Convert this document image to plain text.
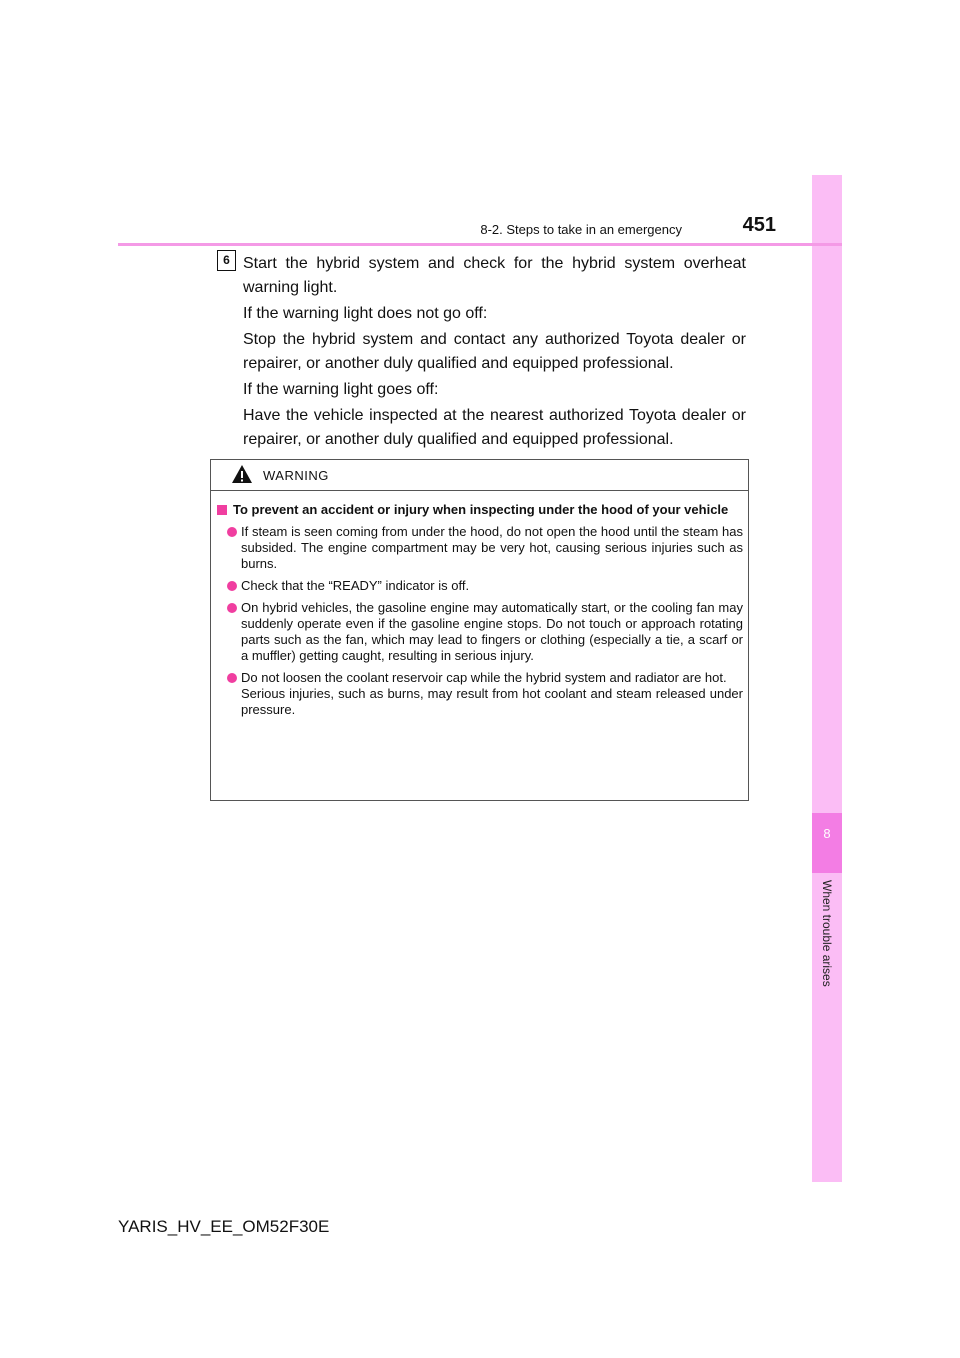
8
When trouble arises
8-2. Steps to take in an emergency	451
6 Start the hybrid system and check for the hybrid system overheat warning light.

If the warning light does not go off:

Stop the hybrid system and contact any authorized Toyota dealer or repairer, or another duly qualified and equipped professional.

If the warning light goes off:

Have the vehicle inspected at the nearest authorized Toyota dealer or repairer, or another duly qualified and equipped professional.

WARNING
To prevent an accident or injury when inspecting under the hood of your vehicle
If steam is seen coming from under the hood, do not open the hood until the steam has subsided. The engine compartment may be very hot, causing serious injuries such as burns.
Check that the “READY” indicator is off.
On hybrid vehicles, the gasoline engine may automatically start, or the cooling fan may suddenly operate even if the gasoline engine stops. Do not touch or approach rotating parts such as the fan, which may lead to fingers or clothing (especially a tie, a scarf or a muffler) getting caught, resulting in serious injury.
Do not loosen the coolant reservoir cap while the hybrid system and radiator are hot.
Serious injuries, such as burns, may result from hot coolant and steam released under pressure.
YARIS_HV_EE_OM52F30E
